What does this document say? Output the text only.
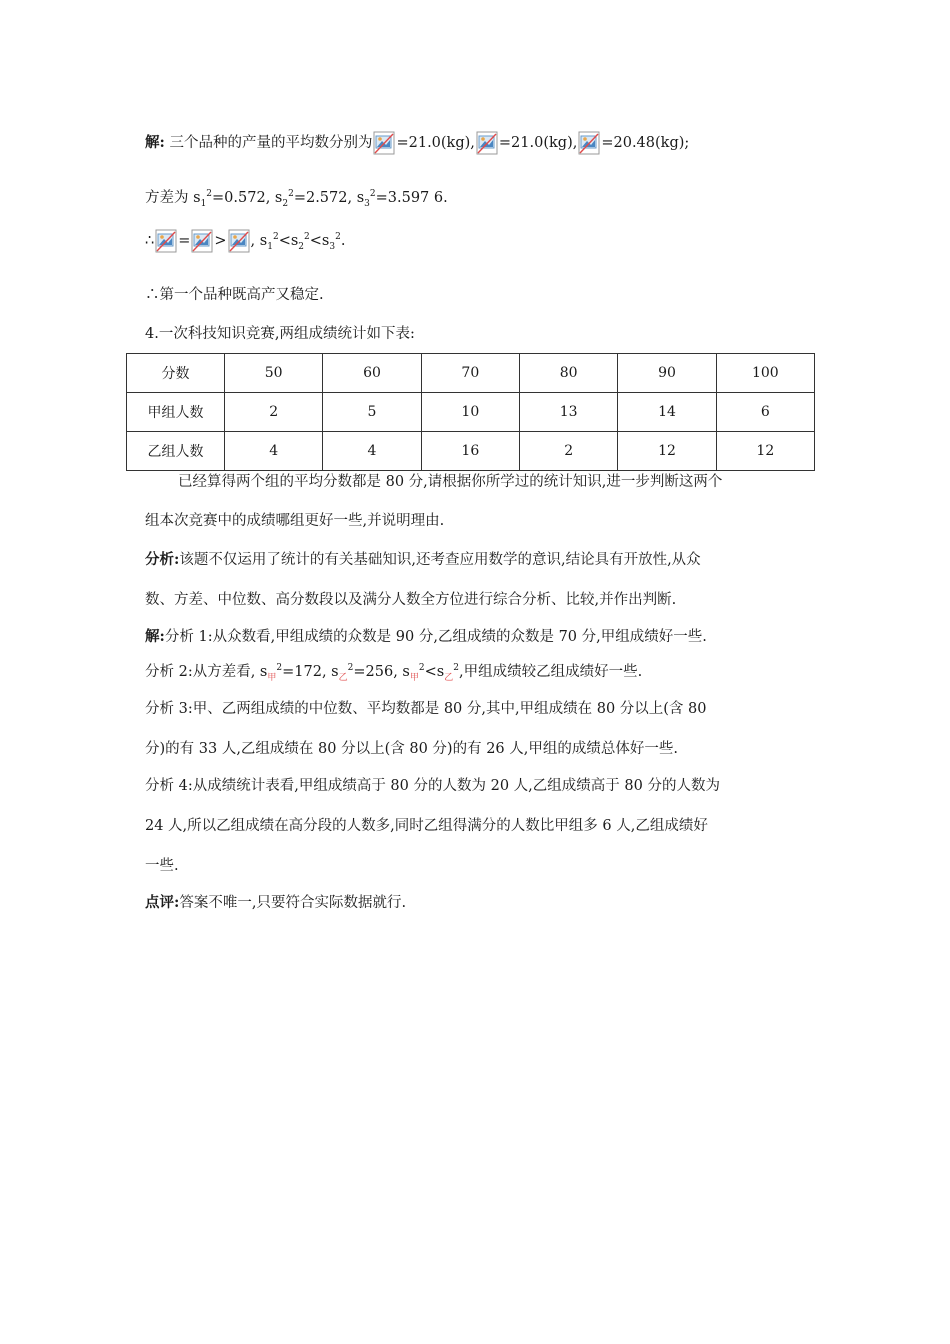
解: 三个品种的产量的平均数分别为 =21.0(kg), =21.0(kg), =20.48(kg);
方差为 $s_1^2=0.572$, $s_2^2=2.572$, $s_3^2=3.597$ 6.
∴ = > , $s_1^2<s_2^2<s_3^2$.
∴第一个品种既高产又稳定.
4.一次科技知识竞赛,两组成绩统计如下表:
分数	50	60	70	80	90	100
甲组人数	2	5	10	13	14	6
乙组人数	4	4	16	2	12	12
已经算得两个组的平均分数都是 80 分,请根据你所学过的统计知识,进一步判断这两个
组本次竞赛中的成绩哪组更好一些,并说明理由.
分析:该题不仅运用了统计的有关基础知识,还考查应用数学的意识,结论具有开放性,从众
数、方差、中位数、高分数段以及满分人数全方位进行综合分析、比较,并作出判断.
解:分析 1:从众数看,甲组成绩的众数是 90 分,乙组成绩的众数是 70 分,甲组成绩好一些.
分析 2:从方差看, $s_甲^2=172$, $s_乙^2=256$, $s_甲^2<s_乙^2$,甲组成绩较乙组成绩好一些.
分析 3:甲、乙两组成绩的中位数、平均数都是 80 分,其中,甲组成绩在 80 分以上(含 80
分)的有 33 人,乙组成绩在 80 分以上(含 80 分)的有 26 人,甲组的成绩总体好一些.
分析 4:从成绩统计表看,甲组成绩高于 80 分的人数为 20 人,乙组成绩高于 80 分的人数为
24 人,所以乙组成绩在高分段的人数多,同时乙组得满分的人数比甲组多 6 人,乙组成绩好
一些.
点评:答案不唯一,只要符合实际数据就行.
